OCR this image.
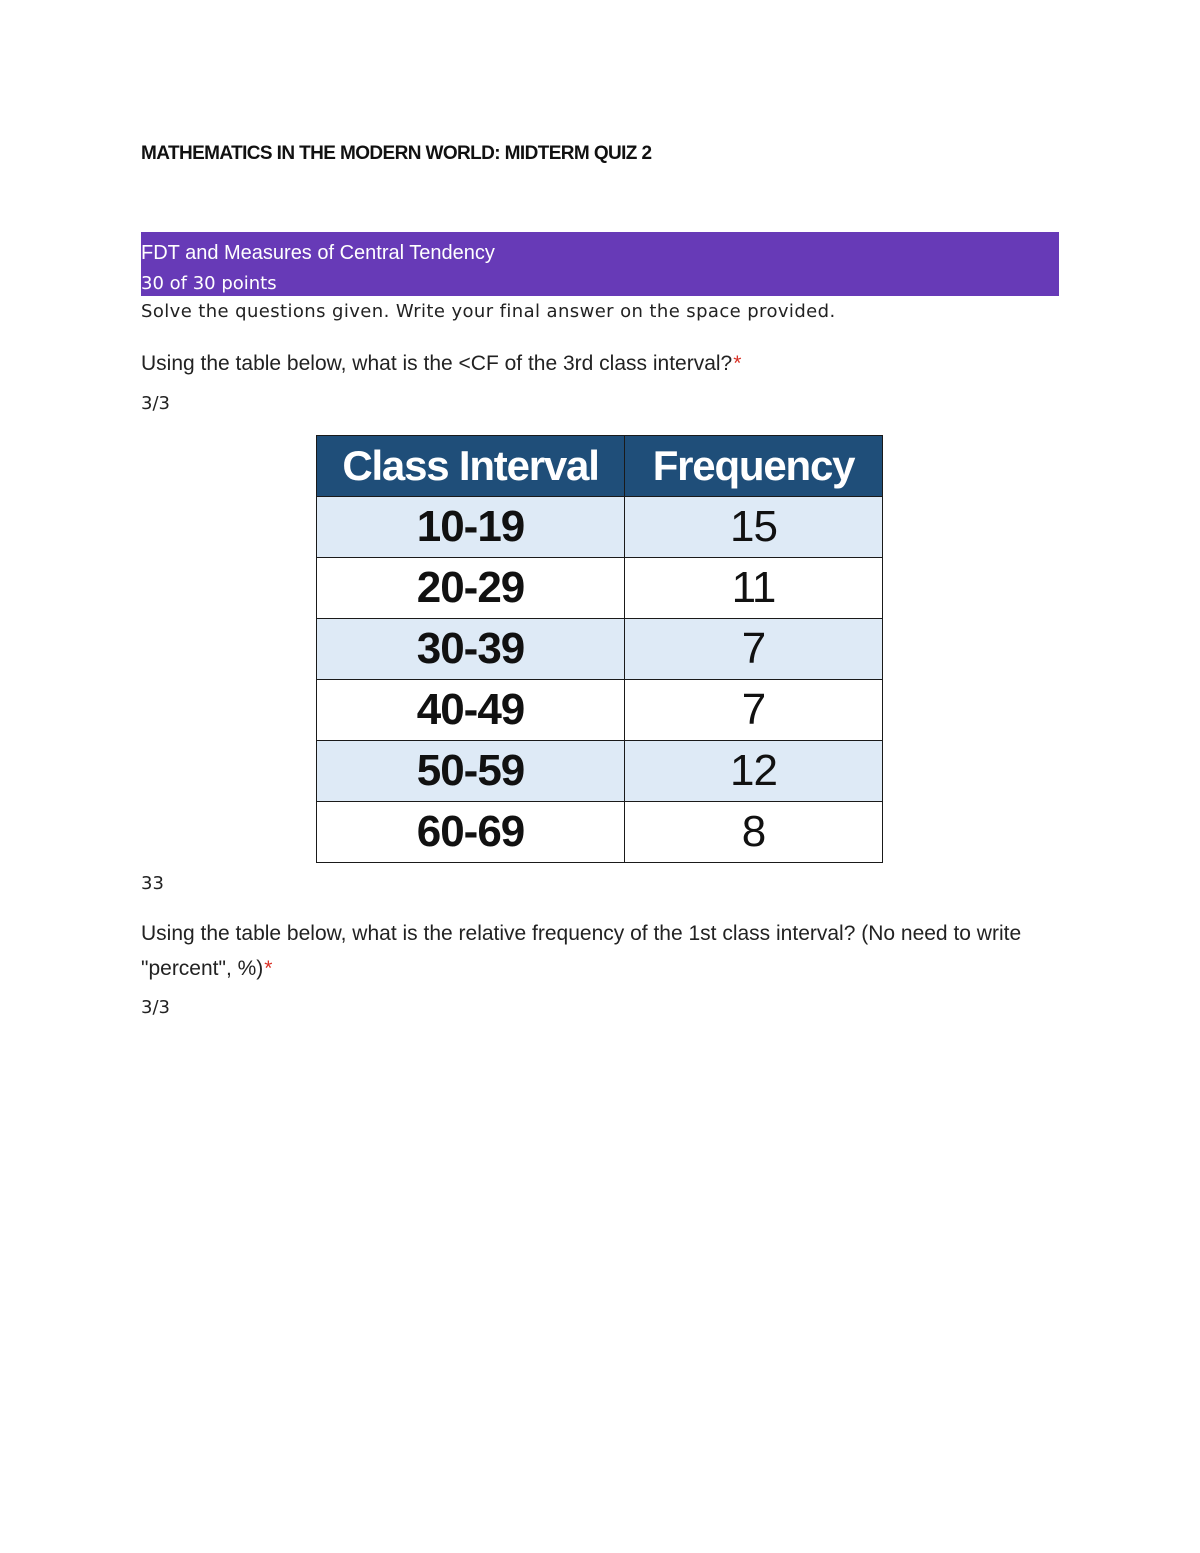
MATHEMATICS IN THE MODERN WORLD: MIDTERM QUIZ 2
FDT and Measures of Central Tendency
30 of 30 points
Solve the questions given. Write your final answer on the space provided.
Using the table below, what is the <CF of the 3rd class interval?*
3/3
Class Interval	Frequency
10-19	15
20-29	11
30-39	7
40-49	7
50-59	12
60-69	8
33
Using the table below, what is the relative frequency of the 1st class interval? (No need to write "percent", %)*
3/3
